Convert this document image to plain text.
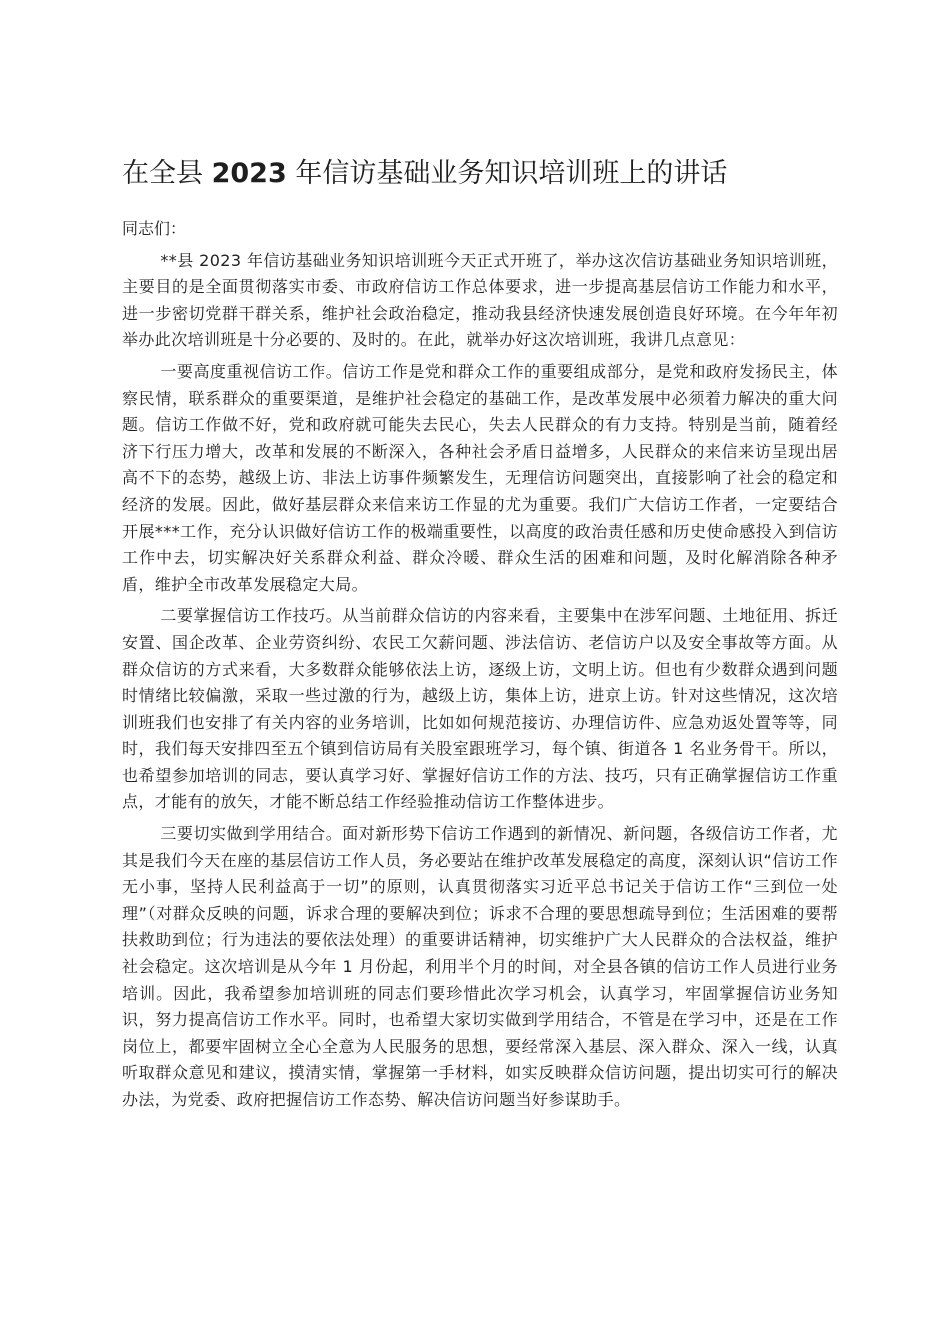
在全县 2023 年信访基础业务知识培训班上的讲话

同志们：

**县 2023 年信访基础业务知识培训班今天正式开班了，举办这次信访基础业务知识培训班，主要目的是全面贯彻落实市委、市政府信访工作总体要求，进一步提高基层信访工作能力和水平，进一步密切党群干群关系，维护社会政治稳定，推动我县经济快速发展创造良好环境。在今年年初举办此次培训班是十分必要的、及时的。在此，就举办好这次培训班，我讲几点意见：

一要高度重视信访工作。信访工作是党和群众工作的重要组成部分，是党和政府发扬民主，体察民情，联系群众的重要渠道，是维护社会稳定的基础工作，是改革发展中必须着力解决的重大问题。信访工作做不好，党和政府就可能失去民心，失去人民群众的有力支持。特别是当前，随着经济下行压力增大，改革和发展的不断深入，各种社会矛盾日益增多，人民群众的来信来访呈现出居高不下的态势，越级上访、非法上访事件频繁发生，无理信访问题突出，直接影响了社会的稳定和经济的发展。因此，做好基层群众来信来访工作显的尤为重要。我们广大信访工作者，一定要结合开展***工作，充分认识做好信访工作的极端重要性，以高度的政治责任感和历史使命感投入到信访工作中去，切实解决好关系群众利益、群众冷暖、群众生活的困难和问题，及时化解消除各种矛盾，维护全市改革发展稳定大局。

二要掌握信访工作技巧。从当前群众信访的内容来看，主要集中在涉军问题、土地征用、拆迁安置、国企改革、企业劳资纠纷、农民工欠薪问题、涉法信访、老信访户以及安全事故等方面。从群众信访的方式来看，大多数群众能够依法上访，逐级上访，文明上访。但也有少数群众遇到问题时情绪比较偏激，采取一些过激的行为，越级上访，集体上访，进京上访。针对这些情况，这次培训班我们也安排了有关内容的业务培训，比如如何规范接访、办理信访件、应急劝返处置等等，同时，我们每天安排四至五个镇到信访局有关股室跟班学习，每个镇、街道各 1 名业务骨干。所以，也希望参加培训的同志，要认真学习好、掌握好信访工作的方法、技巧，只有正确掌握信访工作重点，才能有的放矢，才能不断总结工作经验推动信访工作整体进步。

三要切实做到学用结合。面对新形势下信访工作遇到的新情况、新问题，各级信访工作者，尤其是我们今天在座的基层信访工作人员，务必要站在维护改革发展稳定的高度，深刻认识“信访工作无小事，坚持人民利益高于一切”的原则，认真贯彻落实习近平总书记关于信访工作“三到位一处理”（对群众反映的问题，诉求合理的要解决到位；诉求不合理的要思想疏导到位；生活困难的要帮扶救助到位；行为违法的要依法处理）的重要讲话精神，切实维护广大人民群众的合法权益，维护社会稳定。这次培训是从今年 1 月份起，利用半个月的时间，对全县各镇的信访工作人员进行业务培训。因此，我希望参加培训班的同志们要珍惜此次学习机会，认真学习，牢固掌握信访业务知识，努力提高信访工作水平。同时，也希望大家切实做到学用结合，不管是在学习中，还是在工作岗位上，都要牢固树立全心全意为人民服务的思想，要经常深入基层、深入群众、深入一线，认真听取群众意见和建议，摸清实情，掌握第一手材料，如实反映群众信访问题，提出切实可行的解决办法，为党委、政府把握信访工作态势、解决信访问题当好参谋助手。
